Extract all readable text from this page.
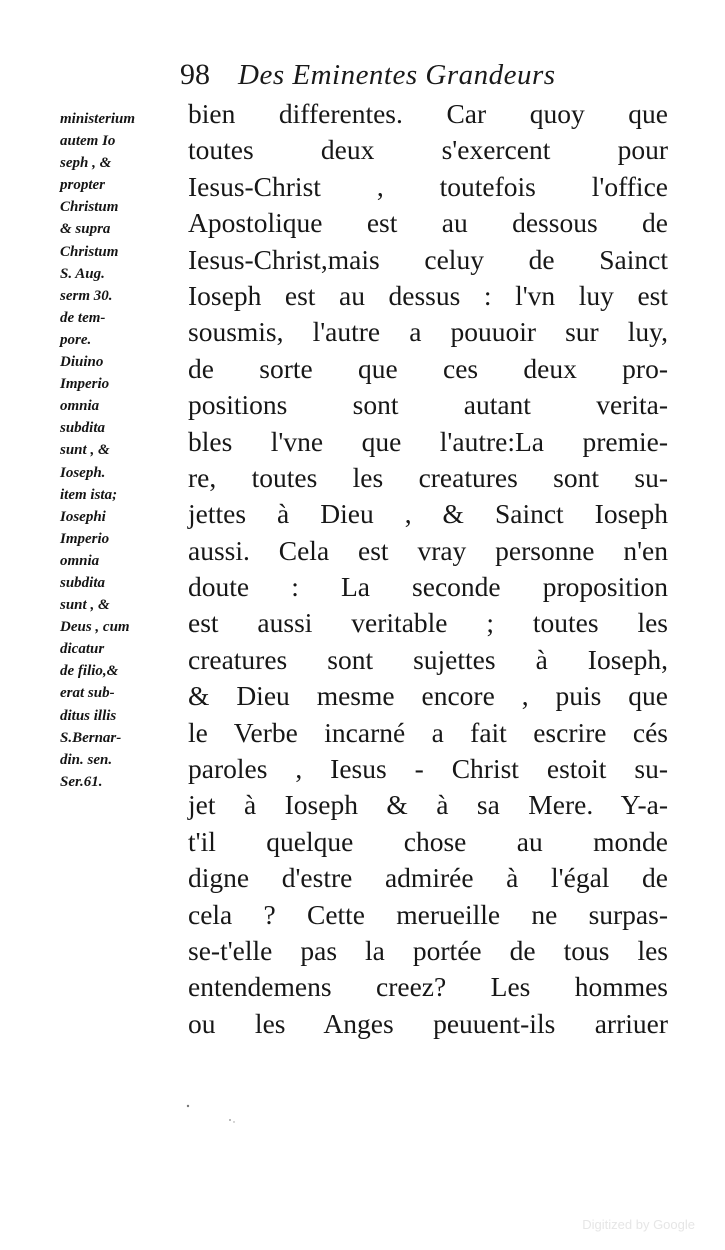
98 Des Eminentes Grandeurs
ministerium
autem Io
seph , &
propter
Christum
& supra
Christum
S. Aug.
serm 30.
de tem-
pore.
Diuino
Imperio
omnia
subdita
sunt , &
Ioseph.
item ista;
Iosephi
Imperio
omnia
subdita
sunt , &
Deus , cum
dicatur
de filio,&
erat sub-
ditus illis
S.Bernar-
din. sen.
Ser.61.
bien differentes. Car quoy que
toutes deux s'exercent pour
Iesus-Christ , toutefois l'office
Apostolique est au dessous de
Iesus-Christ,mais celuy de Sainct
Ioseph est au dessus : l'vn luy est
sousmis, l'autre a pouuoir sur luy,
de sorte que ces deux pro-
positions sont autant verita-
bles l'vne que l'autre:La premie-
re, toutes les creatures sont su-
jettes à Dieu , & Sainct Ioseph
aussi. Cela est vray personne n'en
doute : La seconde proposition
est aussi veritable ; toutes les
creatures sont sujettes à Ioseph,
& Dieu mesme encore , puis que
le Verbe incarné a fait escrire cés
paroles , Iesus - Christ estoit su-
jet à Ioseph & à sa Mere. Y-a-
t'il quelque chose au monde
digne d'estre admirée à l'égal de
cela ? Cette merueille ne surpas-
se-t'elle pas la portée de tous les
entendemens creez? Les hommes
ou les Anges peuuent-ils arriuer
Digitized by Google
